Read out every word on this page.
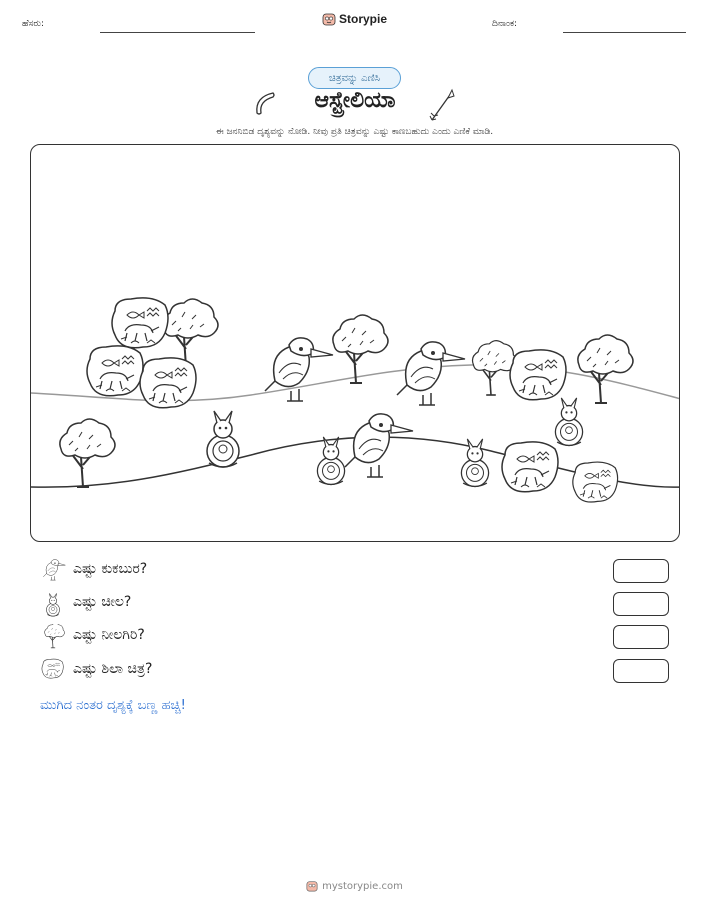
ಹೆಸರು:	Storypie	ದಿನಾಂಕ:
ಚಿತ್ರವನ್ನು ಎಣಿಸಿ
ಆಸ್ಟ್ರೇಲಿಯಾ
ಈ ಜನನಿಬಿಡ ದೃಶ್ಯವನ್ನು ನೋಡಿ. ನೀವು ಪ್ರತಿ ಚಿತ್ರವನ್ನು ಎಷ್ಟು ಕಾಣಬಹುದು ಎಂದು ಎಣಿಕೆ ಮಾಡಿ.
ಎಷ್ಟು ಕುಕಬುರ?
ಎಷ್ಟು ಚೀಲ?
ಎಷ್ಟು ನೀಲಗಿರಿ?
ಎಷ್ಟು ಶಿಲಾ ಚಿತ್ರ?
ಮುಗಿದ ನಂತರ ದೃಶ್ಯಕ್ಕೆ ಬಣ್ಣ ಹಚ್ಚಿ!
mystorypie.com
